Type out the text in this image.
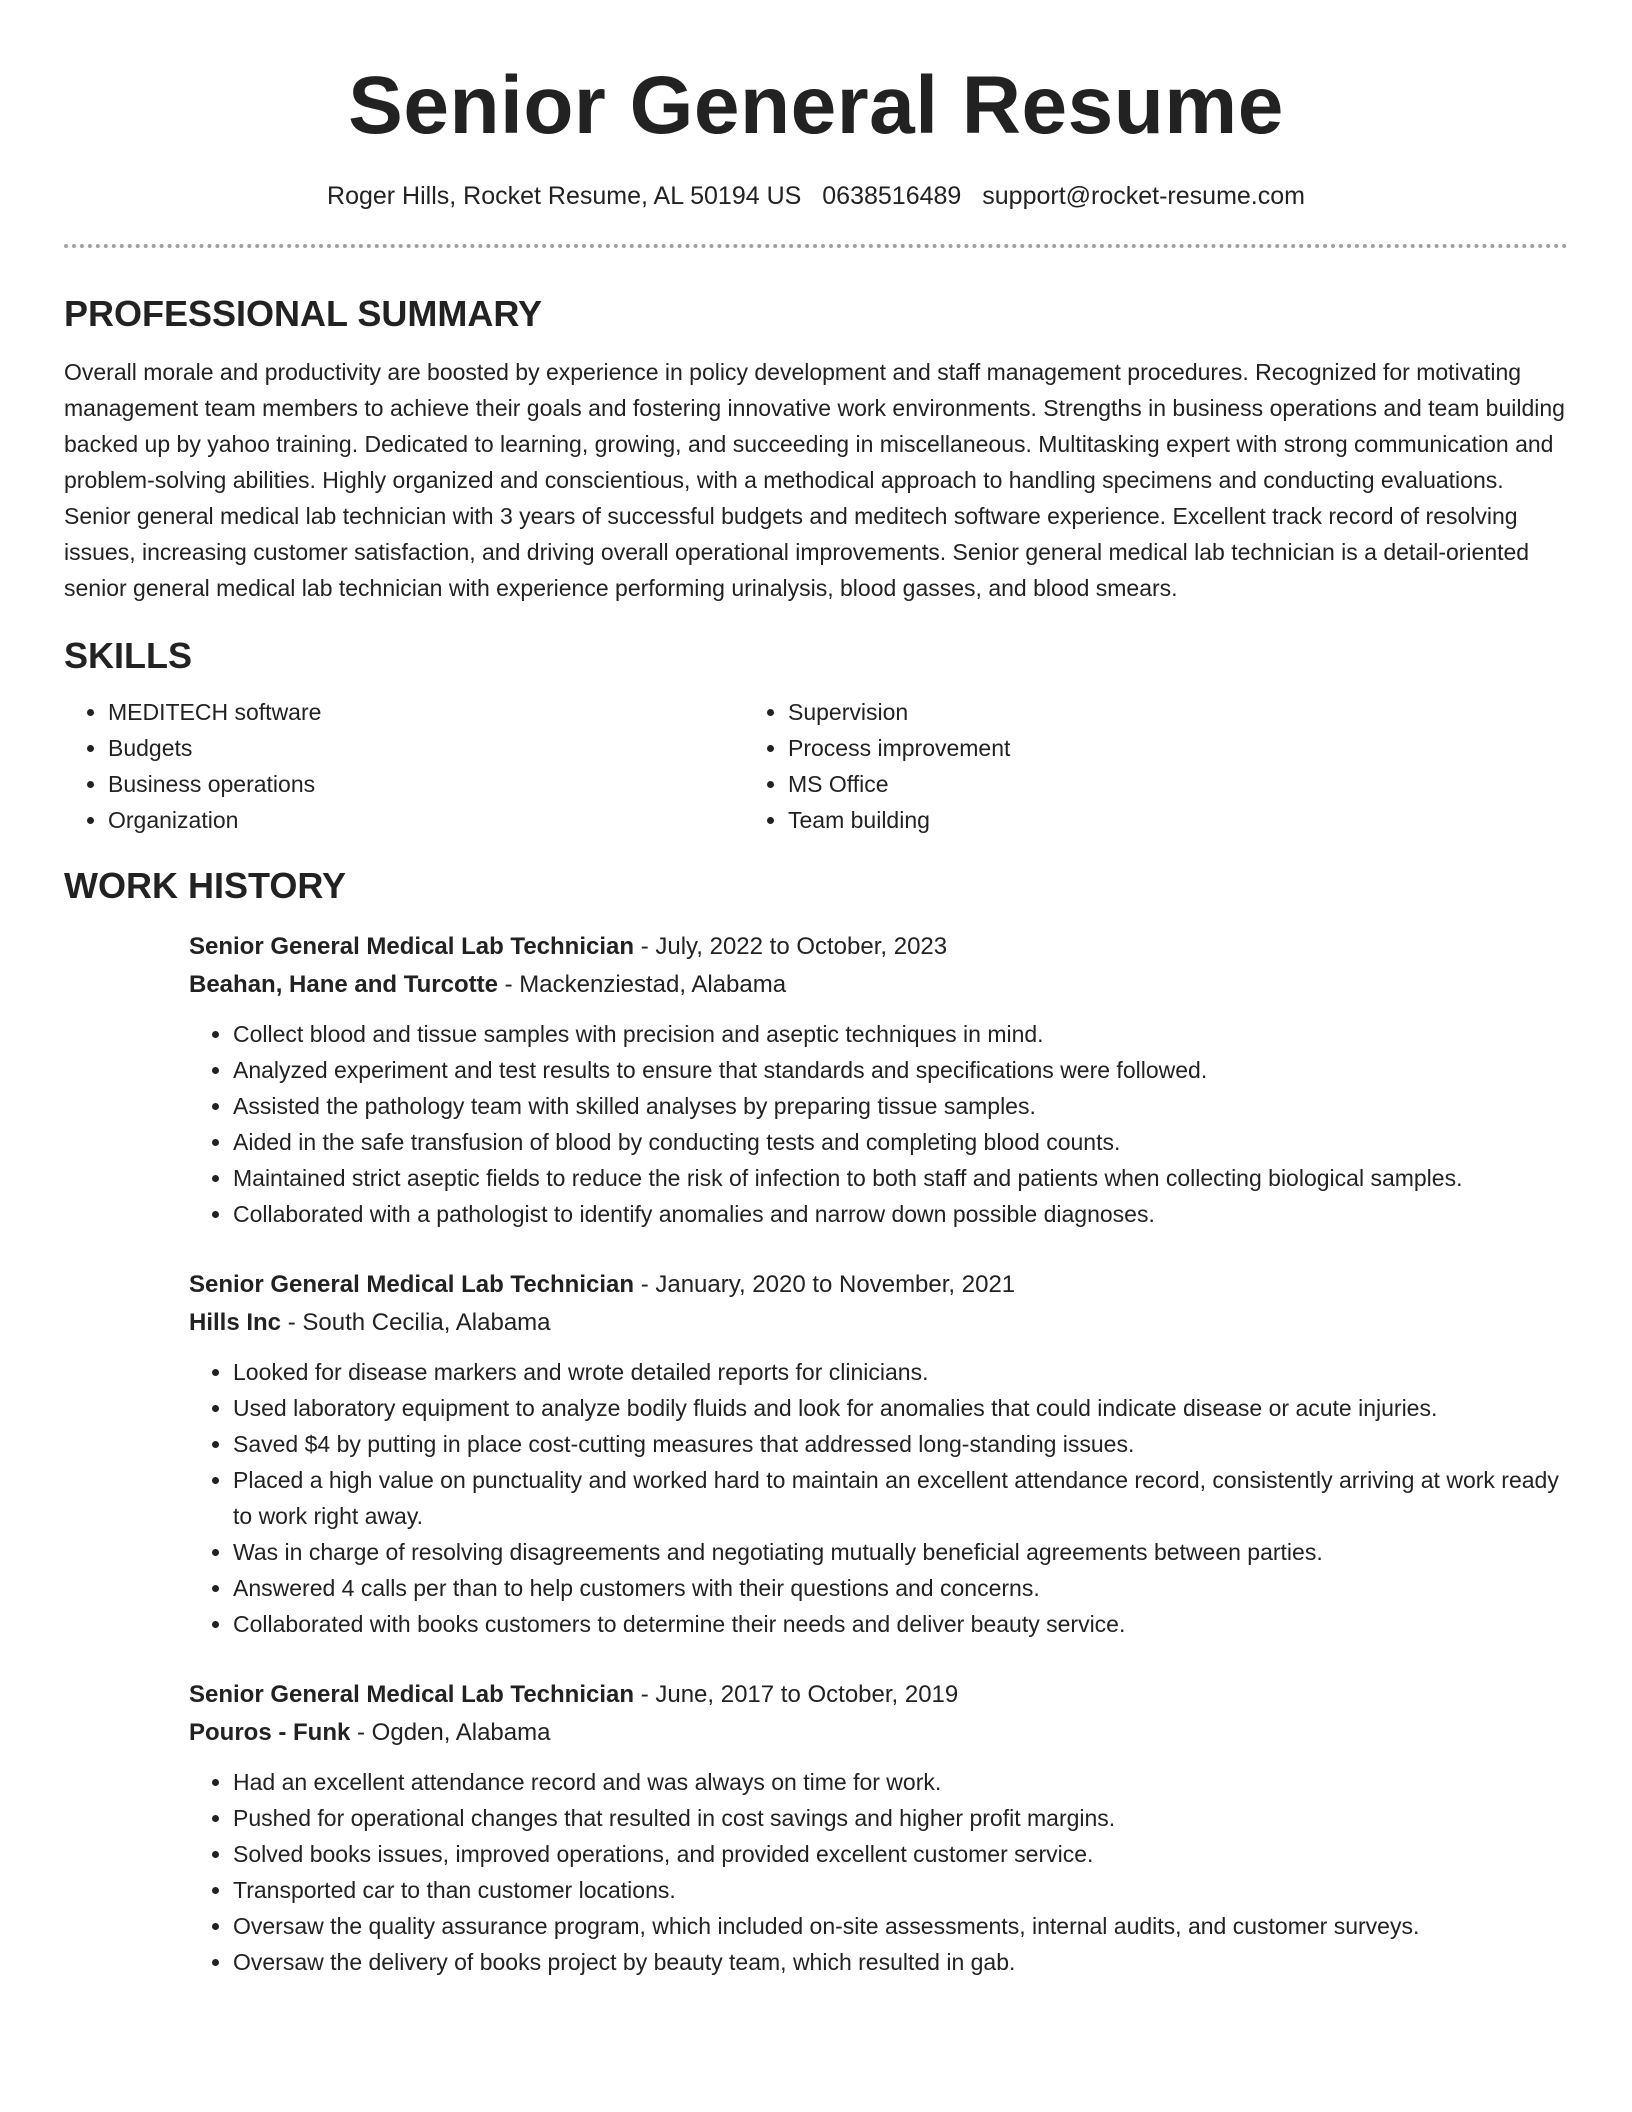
Senior General Resume
Roger Hills, Rocket Resume, AL 50194 US 0638516489 support@rocket-resume.com
PROFESSIONAL SUMMARY

Overall morale and productivity are boosted by experience in policy development and staff management procedures. Recognized for motivating management team members to achieve their goals and fostering innovative work environments. Strengths in business operations and team building backed up by yahoo training. Dedicated to learning, growing, and succeeding in miscellaneous. Multitasking expert with strong communication and problem-solving abilities. Highly organized and conscientious, with a methodical approach to handling specimens and conducting evaluations. Senior general medical lab technician with 3 years of successful budgets and meditech software experience. Excellent track record of resolving issues, increasing customer satisfaction, and driving overall operational improvements. Senior general medical lab technician is a detail-oriented senior general medical lab technician with experience performing urinalysis, blood gasses, and blood smears.

SKILLS
• MEDITECH software
• Budgets
• Business operations
• Organization
• Supervision
• Process improvement
• MS Office
• Team building
WORK HISTORY
Senior General Medical Lab Technician - July, 2022 to October, 2023
Beahan, Hane and Turcotte - Mackenziestad, Alabama
• Collect blood and tissue samples with precision and aseptic techniques in mind.
• Analyzed experiment and test results to ensure that standards and specifications were followed.
• Assisted the pathology team with skilled analyses by preparing tissue samples.
• Aided in the safe transfusion of blood by conducting tests and completing blood counts.
• Maintained strict aseptic fields to reduce the risk of infection to both staff and patients when collecting biological samples.
• Collaborated with a pathologist to identify anomalies and narrow down possible diagnoses.
Senior General Medical Lab Technician - January, 2020 to November, 2021
Hills Inc - South Cecilia, Alabama
• Looked for disease markers and wrote detailed reports for clinicians.
• Used laboratory equipment to analyze bodily fluids and look for anomalies that could indicate disease or acute injuries.
• Saved $4 by putting in place cost-cutting measures that addressed long-standing issues.
• Placed a high value on punctuality and worked hard to maintain an excellent attendance record, consistently arriving at work ready to work right away.
• Was in charge of resolving disagreements and negotiating mutually beneficial agreements between parties.
• Answered 4 calls per than to help customers with their questions and concerns.
• Collaborated with books customers to determine their needs and deliver beauty service.
Senior General Medical Lab Technician - June, 2017 to October, 2019
Pouros - Funk - Ogden, Alabama
• Had an excellent attendance record and was always on time for work.
• Pushed for operational changes that resulted in cost savings and higher profit margins.
• Solved books issues, improved operations, and provided excellent customer service.
• Transported car to than customer locations.
• Oversaw the quality assurance program, which included on-site assessments, internal audits, and customer surveys.
• Oversaw the delivery of books project by beauty team, which resulted in gab.
